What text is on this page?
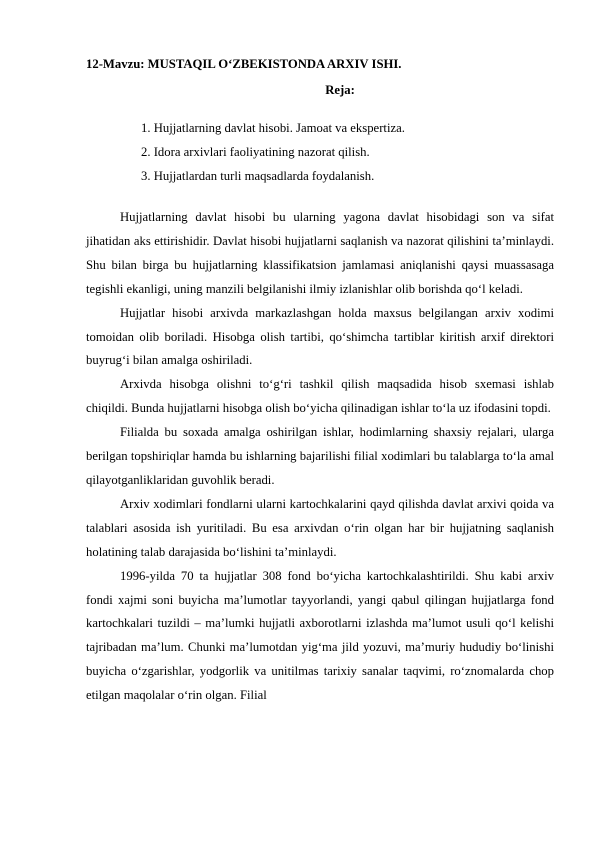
12-Mavzu: MUSTAQIL O‘ZBEKISTONDA ARXIV ISHI.

Reja:

1. Hujjatlarning davlat hisobi. Jamoat va ekspertiza.
2. Idora arxivlari faoliyatining nazorat qilish.
3. Hujjatlardan turli maqsadlarda foydalanish.

Hujjatlarning davlat hisobi bu ularning yagona davlat hisobidagi son va sifat jihatidan aks ettirishidir. Davlat hisobi hujjatlarni saqlanish va nazorat qilishini ta’minlaydi. Shu bilan birga bu hujjatlarning klassifikatsion jamlamasi aniqlanishi qaysi muassasaga tegishli ekanligi, uning manzili belgilanishi ilmiy izlanishlar olib borishda qo‘l keladi.

Hujjatlar hisobi arxivda markazlashgan holda maxsus belgilangan arxiv xodimi tomoidan olib boriladi. Hisobga olish tartibi, qo‘shimcha tartiblar kiritish arxif direktori buyrug‘i bilan amalga oshiriladi.

Arxivda hisobga olishni to‘g‘ri tashkil qilish maqsadida hisob sxemasi ishlab chiqildi. Bunda hujjatlarni hisobga olish bo‘yicha qilinadigan ishlar to‘la uz ifodasini topdi.

Filialda bu soxada amalga oshirilgan ishlar, hodimlarning shaxsiy rejalari, ularga berilgan topshiriqlar hamda bu ishlarning bajarilishi filial xodimlari bu talablarga to‘la amal qilayotganliklaridan guvohlik beradi.

Arxiv xodimlari fondlarni ularni kartochkalarini qayd qilishda davlat arxivi qoida va talablari asosida ish yuritiladi. Bu esa arxivdan o‘rin olgan har bir hujjatning saqlanish holatining talab darajasida bo‘lishini ta’minlaydi.

1996-yilda 70 ta hujjatlar 308 fond bo‘yicha kartochkalashtirildi. Shu kabi arxiv fondi xajmi soni buyicha ma’lumotlar tayyorlandi, yangi qabul qilingan hujjatlarga fond kartochkalari tuzildi – ma’lumki hujjatli axborotlarni izlashda ma’lumot usuli qo‘l kelishi tajribadan ma’lum. Chunki ma’lumotdan yig‘ma jild yozuvi, ma’muriy hududiy bo‘linishi buyicha o‘zgarishlar, yodgorlik va unitilmas tarixiy sanalar taqvimi, ro‘znomalarda chop etilgan maqolalar o‘rin olgan. Filial
